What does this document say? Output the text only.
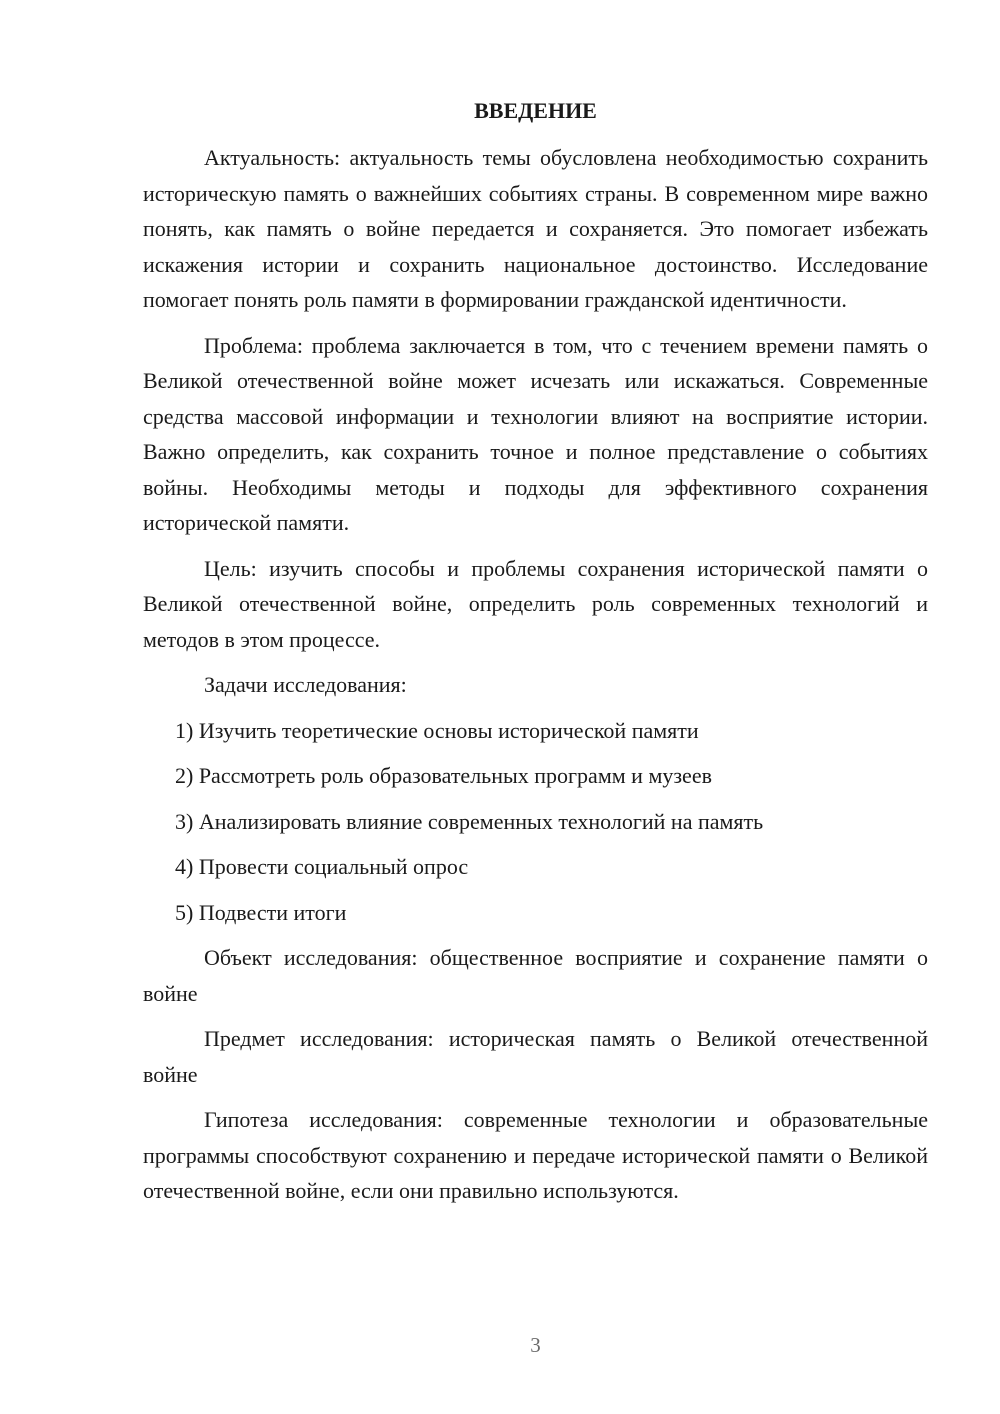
ВВЕДЕНИЕ

Актуальность: актуальность темы обусловлена необходимостью сохранить историческую память о важнейших событиях страны. В современном мире важно понять, как память о войне передается и сохраняется. Это помогает избежать искажения истории и сохранить национальное достоинство. Исследование помогает понять роль памяти в формировании гражданской идентичности.

Проблема: проблема заключается в том, что с течением времени память о Великой отечественной войне может исчезать или искажаться. Современные средства массовой информации и технологии влияют на восприятие истории. Важно определить, как сохранить точное и полное представление о событиях войны. Необходимы методы и подходы для эффективного сохранения исторической памяти.

Цель: изучить способы и проблемы сохранения исторической памяти о Великой отечественной войне, определить роль современных технологий и методов в этом процессе.

Задачи исследования:

1) Изучить теоретические основы исторической памяти

2) Рассмотреть роль образовательных программ и музеев

3) Анализировать влияние современных технологий на память

4) Провести социальный опрос

5) Подвести итоги

Объект исследования: общественное восприятие и сохранение памяти о войне

Предмет исследования: историческая память о Великой отечественной войне

Гипотеза исследования: современные технологии и образовательные программы способствуют сохранению и передаче исторической памяти о Великой отечественной войне, если они правильно используются.

3
